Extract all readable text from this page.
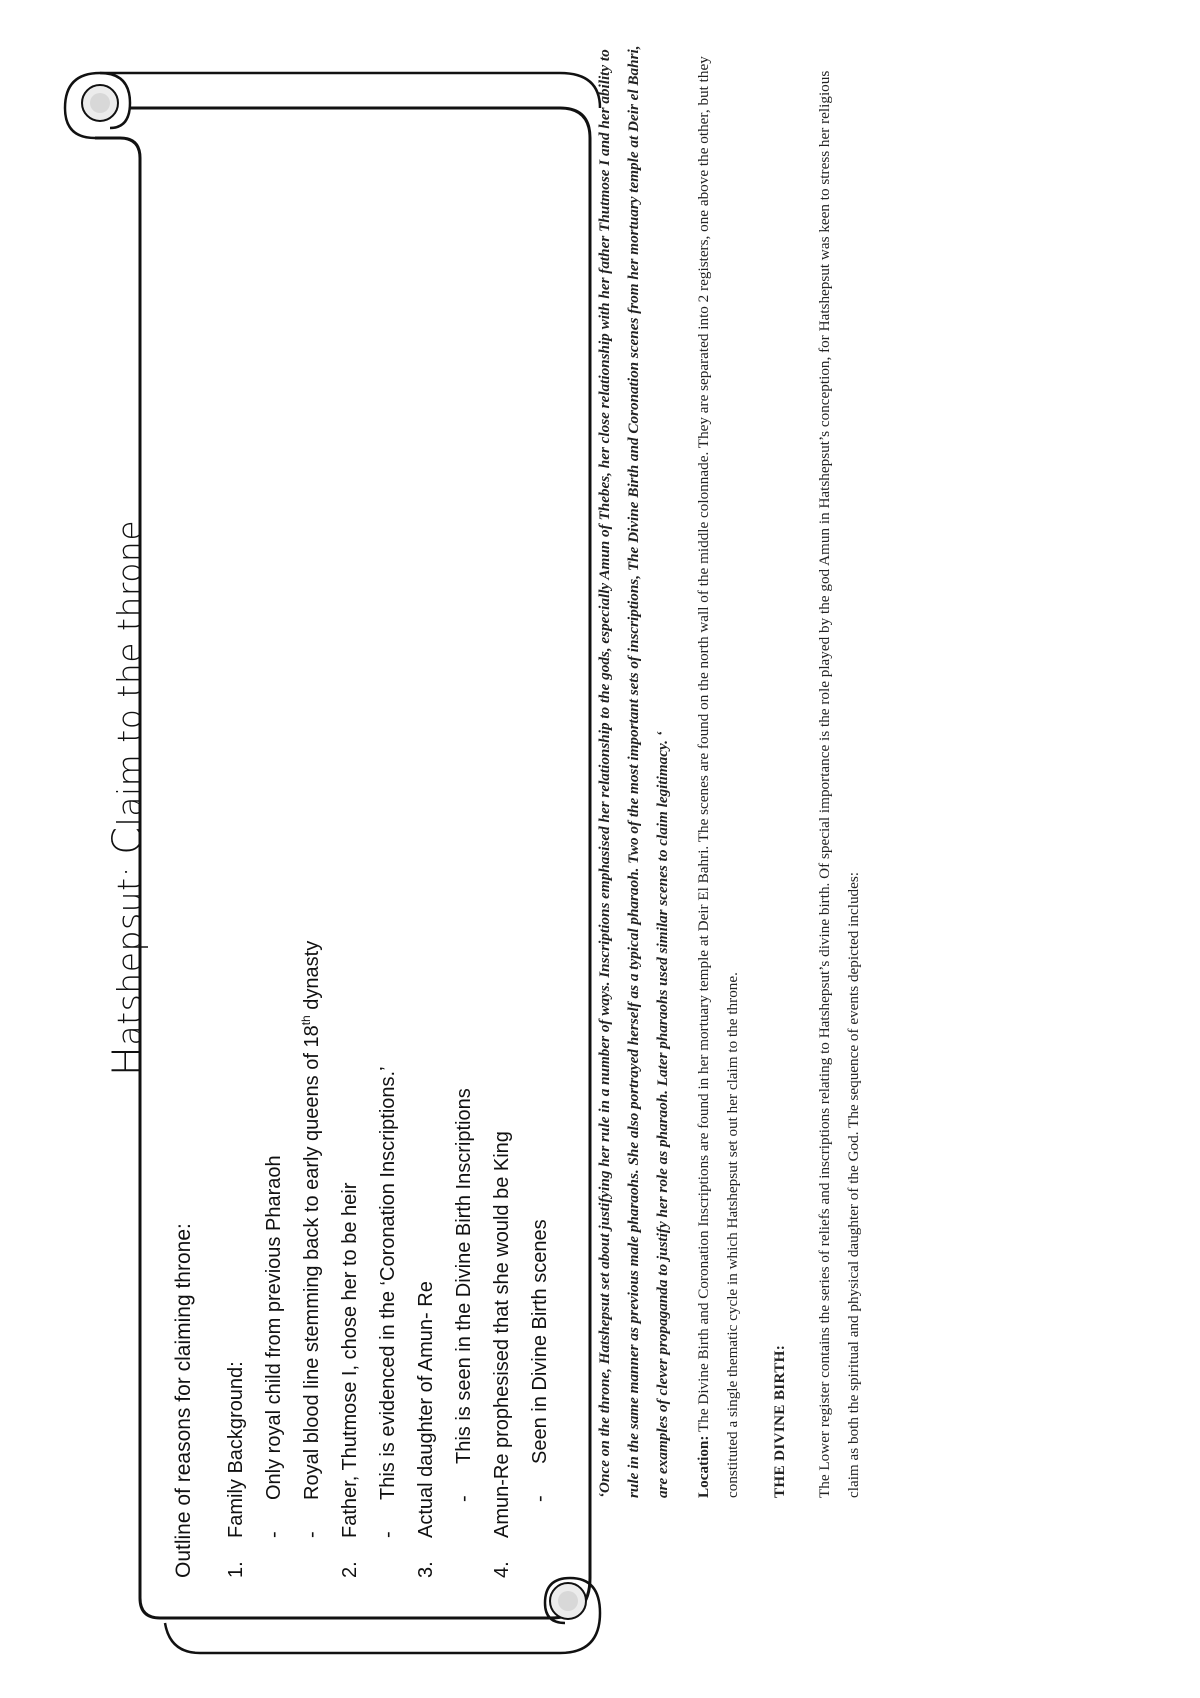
Hatshepsut: Claim to the throne
Outline of reasons for claiming throne:	1.
Family Background: -
Only royal child from previous Pharaoh
-
Royal blood line stemming back to early queens of 18th dynasty
2.
Father, Thutmose I, chose her to be heir -
This is evidenced in the ‘Coronation Inscriptions.’
3.
Actual daughter of Amun- Re -
This is seen in the Divine Birth Inscriptions
4.
Amun-Re prophesised that she would be King -
Seen in Divine Birth scenes	‘Once on the throne, Hatshepsut set about justifying her rule in a number of ways. Inscriptions emphasised her relationship to the gods, especially Amun of Thebes, her close relationship with her father Thutmose I and her ability to rule in the same manner as previous male pharaohs. She also portrayed herself as a typical pharaoh. Two of the most important sets of inscriptions, The Divine Birth and Coronation scenes from her mortuary temple at Deir el Bahri, are examples of clever propaganda to justify her role as pharaoh. Later pharaohs used similar scenes to claim legitimacy. ‘	Location: The Divine Birth and Coronation Inscriptions are found in her mortuary temple at Deir El Bahri. The scenes are found on the north wall of the middle colonnade. They are separated into 2 registers, one above the other, but they constituted a single thematic cycle in which Hatshepsut set out her claim to the throne.	THE DIVINE BIRTH:	The Lower register contains the series of reliefs and inscriptions relating to Hatshepsut’s divine birth. Of special importance is the role played by the god Amun in Hatshepsut’s conception, for Hatshepsut was keen to stress her religious claim as both the spiritual and physical daughter of the God. The sequence of events depicted includes:
